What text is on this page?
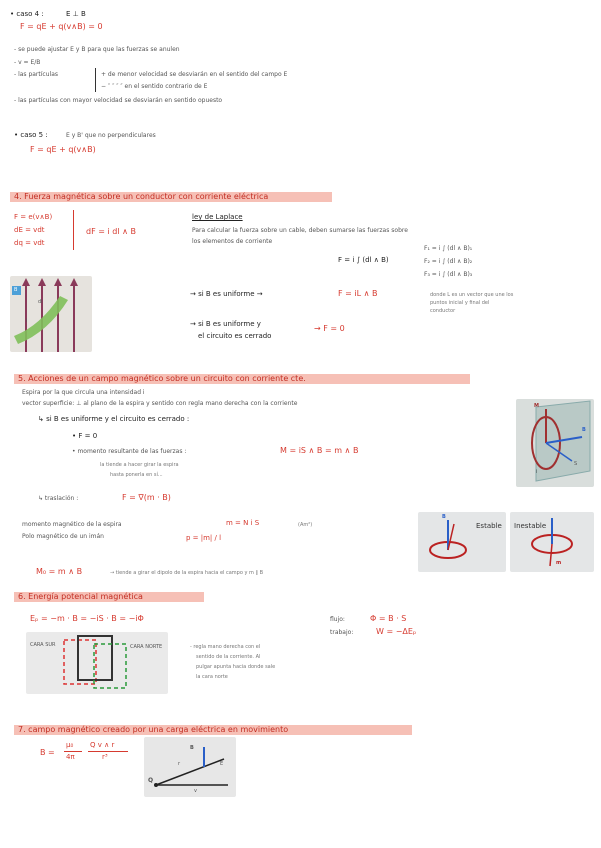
• caso 4 :	E ⊥ B
F = qE + q(v∧B) = 0
- se puede ajustar E y B para que las fuerzas se anulen
- v = E/B
- las partículas	+ de menor velocidad se desviarán en el sentido del campo E
− ″ ″ ″ ″ en el sentido contrario de E
- las partículas con mayor velocidad se desviarán en sentido opuesto
• caso 5 :	E y B' que no perpendiculares
F = qE + q(v∧B)
4. Fuerza magnética sobre un conductor con corriente eléctrica
F = e(v∧B)
dE = vdt
dq = vdt
dF = i dl ∧ B
ley de Laplace
Para calcular la fuerza sobre un cable, deben sumarse las fuerzas sobre
los elementos de corriente
F = i ∫ (dl ∧ B)
F₁ = i ∫ (dl ∧ B)₁
F₂ = i ∫ (dl ∧ B)₂
F₃ = i ∫ (dl ∧ B)₃
B
dl
i
→ si B es uniforme →	F = iL ∧ B	donde L es un vector que une los
puntos inicial y final del
conductor
→ si B es uniforme y
el circuito es cerrado
→ F = 0
5. Acciones de un campo magnético sobre un circuito con corriente cte.
Espira por la que circula una intensidad i
vector superficie: ⊥ al plano de la espira y sentido con regla mano derecha con la corriente
↳ si B es uniforme y el circuito es cerrado :
• F = 0
• momento resultante de las fuerzas :	M = iS ∧ B = m ∧ B
la tiende a hacer girar la espira
hasta ponerla en sí...
↳ traslación :	F = ∇(m · B)
M
B
S
i
momento magnético de la espira	m = N i S	(Am²)
Polo magnético de un imán	p = |m| / l
M₀ = m ∧ B	→ tiende a girar el dipolo de la espira hacia el campo y m ∥ B
B
Estable Inestable
m
6. Energía potencial magnética
Eₚ = −m · B = −iS · B = −iΦ	flujo:	Φ = B · S
trabajo:	W = −ΔEₚ
CARA SUR	CARA NORTE	- regla mano derecha con el
sentido de la corriente. Al
pulgar apunta hacia donde sale
la cara norte
7. campo magnético creado por una carga eléctrica en movimiento
B =
μ₀
4π
Q v ∧ r
r³
B
r	E
Q
v
